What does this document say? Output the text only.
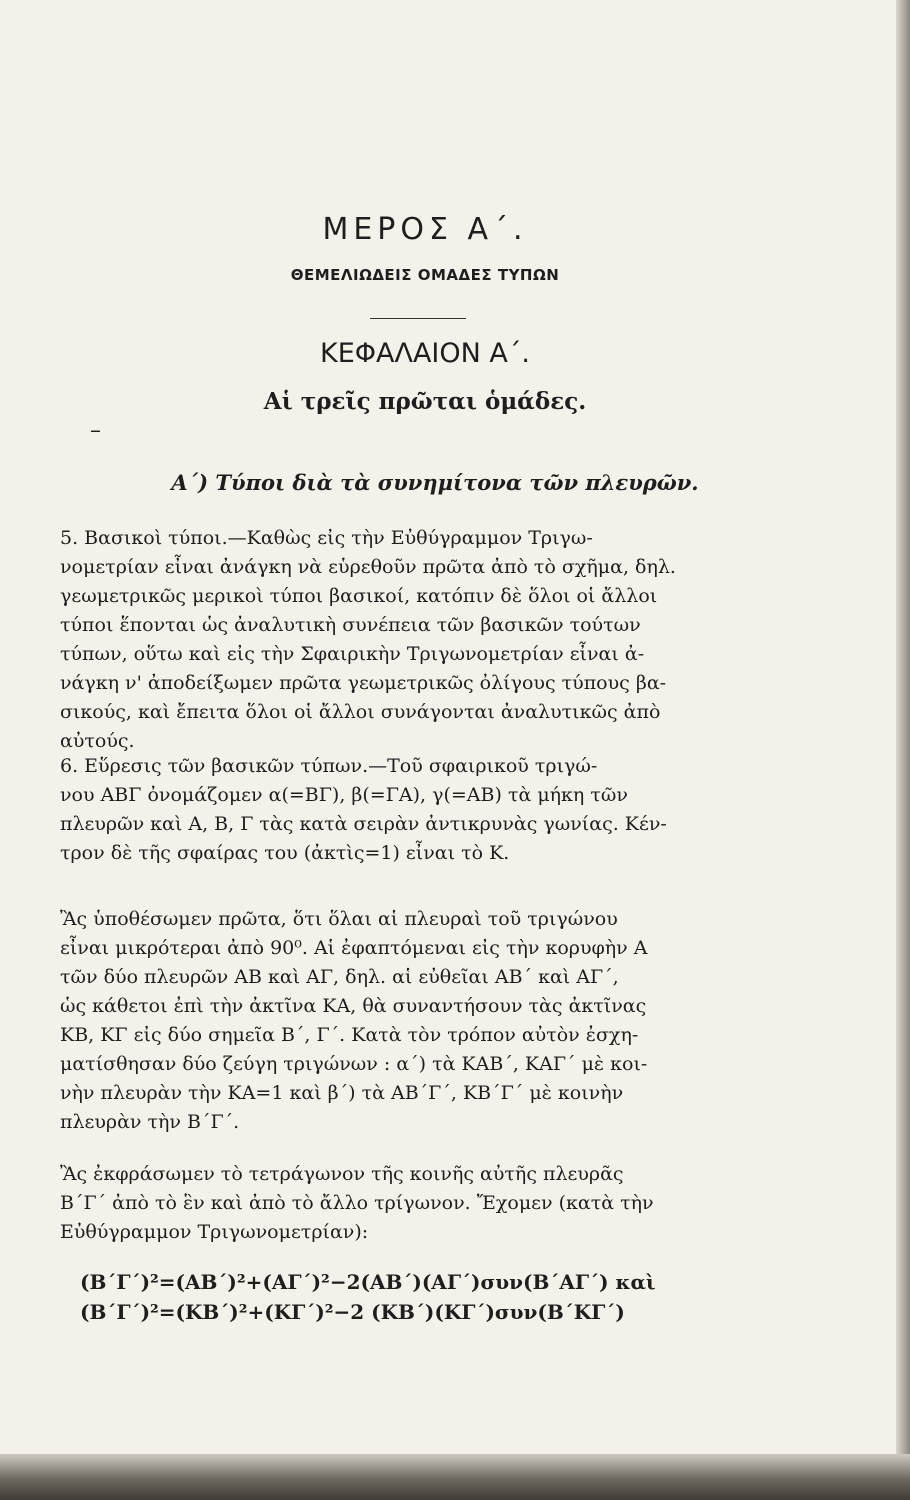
ΜΕΡΟΣ Α΄.
ΘΕΜΕΛΙΩΔΕΙΣ ΟΜΑΔΕΣ ΤΥΠΩΝ
ΚΕΦΑΛΑΙΟΝ Α΄.
Αἱ τρεῖς πρῶται ὁμάδες.
–
Α΄) Τύποι διὰ τὰ συνημίτονα τῶν πλευρῶν.
5. Βασικοὶ τύποι.—Καθὼς εἰς τὴν Εὐθύγραμμον Τριγω-
νομετρίαν εἶναι ἀνάγκη νὰ εὑρεθοῦν πρῶτα ἀπὸ τὸ σχῆμα, δηλ.
γεωμετρικῶς μερικοὶ τύποι βασικοί, κατόπιν δὲ ὅλοι οἱ ἄλλοι
τύποι ἕπονται ὡς ἀναλυτικὴ συνέπεια τῶν βασικῶν τούτων
τύπων, οὕτω καὶ εἰς τὴν Σφαιρικὴν Τριγωνομετρίαν εἶναι ἀ-
νάγκη ν' ἀποδείξωμεν πρῶτα γεωμετρικῶς ὀλίγους τύπους βα-
σικούς, καὶ ἔπειτα ὅλοι οἱ ἄλλοι συνάγονται ἀναλυτικῶς ἀπὸ
αὐτούς.
6. Εὕρεσις τῶν βασικῶν τύπων.—Τοῦ σφαιρικοῦ τριγώ-
νου ΑΒΓ ὀνομάζομεν α(=ΒΓ), β(=ΓΑ), γ(=ΑΒ) τὰ μήκη τῶν
πλευρῶν καὶ Α, Β, Γ τὰς κατὰ σειρὰν ἀντικρυνὰς γωνίας. Κέν-
τρον δὲ τῆς σφαίρας του (ἀκτὶς=1) εἶναι τὸ Κ.
Ἂς ὑποθέσωμεν πρῶτα, ὅτι ὅλαι αἱ πλευραὶ τοῦ τριγώνου
εἶναι μικρότεραι ἀπὸ 90⁰. Αἱ ἐφαπτόμεναι εἰς τὴν κορυφὴν Α
τῶν δύο πλευρῶν ΑΒ καὶ ΑΓ, δηλ. αἱ εὐθεῖαι ΑΒ΄ καὶ ΑΓ΄,
ὡς κάθετοι ἐπὶ τὴν ἀκτῖνα ΚΑ, θὰ συναντήσουν τὰς ἀκτῖνας
ΚΒ, ΚΓ εἰς δύο σημεῖα Β΄, Γ΄. Κατὰ τὸν τρόπον αὐτὸν ἐσχη-
ματίσθησαν δύο ζεύγη τριγώνων : α΄) τὰ ΚΑΒ΄, ΚΑΓ΄ μὲ κοι-
νὴν πλευρὰν τὴν ΚΑ=1 καὶ β΄) τὰ ΑΒ΄Γ΄, ΚΒ΄Γ΄ μὲ κοινὴν
πλευρὰν τὴν Β΄Γ΄.
Ἂς ἐκφράσωμεν τὸ τετράγωνον τῆς κοινῆς αὐτῆς πλευρᾶς
Β΄Γ΄ ἀπὸ τὸ ἓν καὶ ἀπὸ τὸ ἄλλο τρίγωνον. Ἔχομεν (κατὰ τὴν
Εὐθύγραμμον Τριγωνομετρίαν):
(Β΄Γ΄)²=(ΑΒ΄)²+(ΑΓ΄)²−2(ΑΒ΄)(ΑΓ΄)συν(Β΄ΑΓ΄) καὶ
(Β΄Γ΄)²=(ΚΒ΄)²+(ΚΓ΄)²−2 (ΚΒ΄)(ΚΓ΄)συν(Β΄ΚΓ΄)
